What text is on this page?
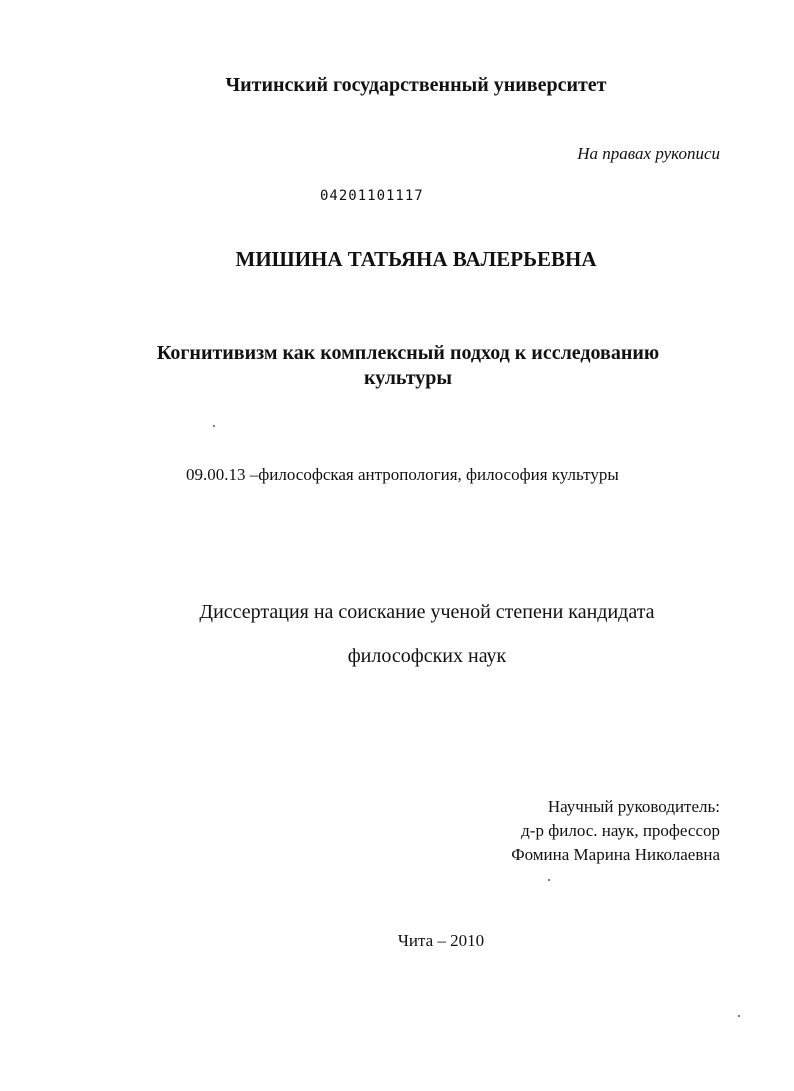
Читинский государственный университет
На правах рукописи
04201101117
МИШИНА ТАТЬЯНА ВАЛЕРЬЕВНА
Когнитивизм как комплексный подход к исследованию
культуры
09.00.13 –философская антропология, философия культуры
Диссертация на соискание ученой степени кандидата
философских наук
Научный руководитель:
д-р филос. наук, профессор
Фомина Марина Николаевна
Чита – 2010
